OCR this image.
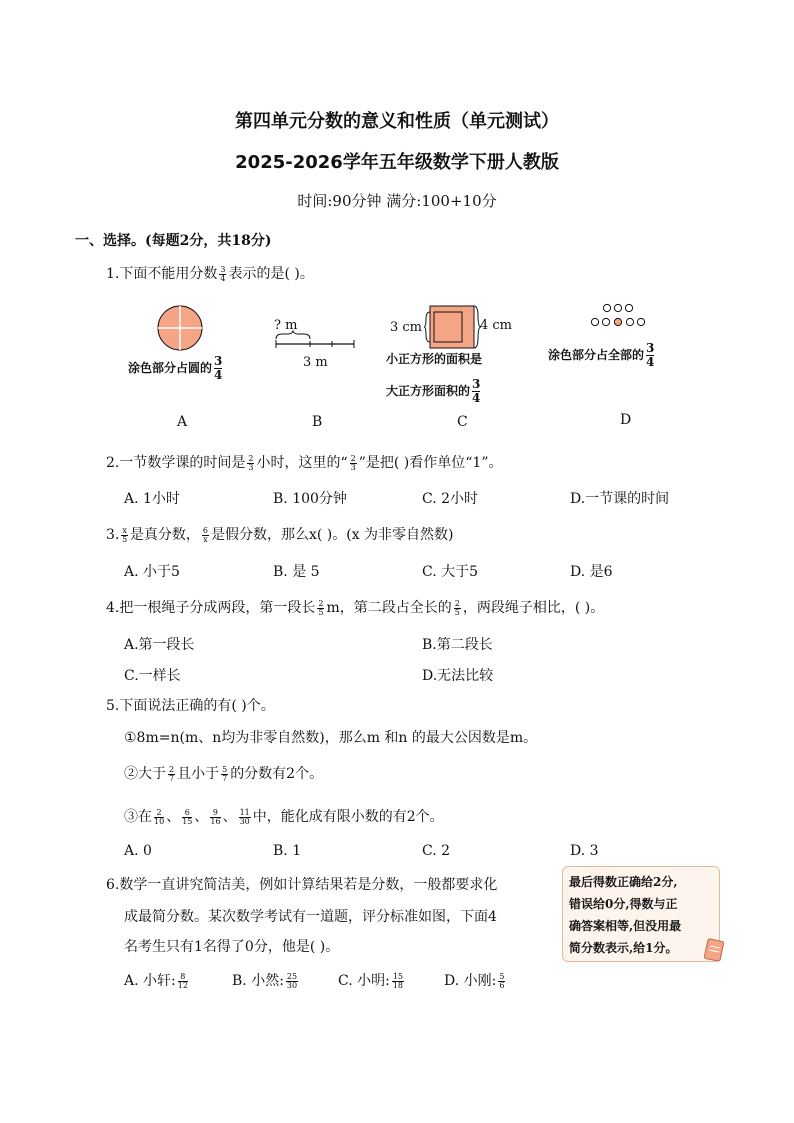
第四单元分数的意义和性质（单元测试）
2025-2026学年五年级数学下册人教版
时间:90分钟 满分:100+10分
一、选择。(每题2分，共18分)
1.下面不能用分数 $\frac{3}{4}$ 表示的是( )。
涂色部分占圆的 $\frac{3}{4}$
A
? m
3 m
B
3 cm	4 cm
小正方形的面积是
大正方形面积的 $\frac{3}{4}$
C
涂色部分占全部的 $\frac{3}{4}$
D
2.一节数学课的时间是 $\frac{2}{3}$ 小时，这里的“ $\frac{2}{3}$ ”是把( )看作单位“1”。
A. 1小时	B. 100分钟	C. 2小时	D.一节课的时间
3. $\frac{x}{5}$ 是真分数， $\frac{6}{x}$ 是假分数，那么x( )。(x 为非零自然数)
A. 小于5	B. 是 5	C. 大于5	D. 是6
4.把一根绳子分成两段，第一段长 $\frac{2}{5}$ m，第二段占全长的 $\frac{2}{5}$ ，两段绳子相比，( )。
A.第一段长	B.第二段长
C.一样长	D.无法比较
5.下面说法正确的有( )个。
①8m=n(m、n均为非零自然数)，那么m 和n 的最大公因数是m。
②大于 $\frac{2}{7}$ 且小于 $\frac{5}{7}$ 的分数有2个。
③在 $\frac{2}{10}$ 、 $\frac{6}{15}$ 、 $\frac{9}{16}$ 、 $\frac{11}{30}$ 中，能化成有限小数的有2个。
A. 0	B. 1	C. 2	D. 3
6.数学一直讲究简洁美，例如计算结果若是分数，一般都要求化
成最简分数。某次数学考试有一道题，评分标准如图，下面4
名考生只有1名得了0分，他是( )。
最后得数正确给2分,
错误给0分,得数与正
确答案相等,但没用最
简分数表示,给1分。
A. 小轩: $\frac{8}{12}$	B. 小然: $\frac{25}{30}$	C. 小明: $\frac{15}{18}$	D. 小刚: $\frac{5}{6}$
